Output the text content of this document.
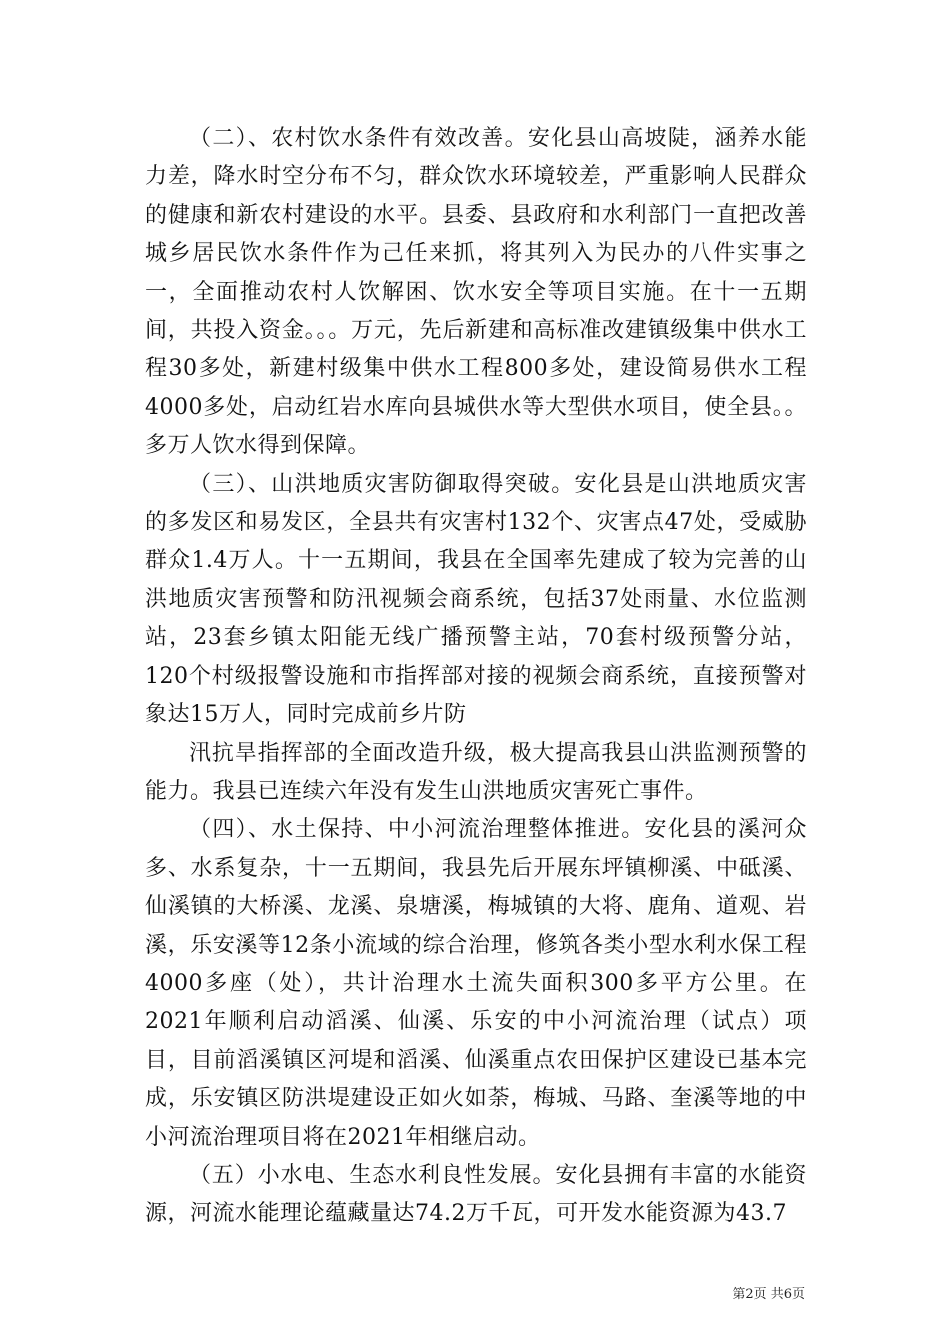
（二）、农村饮水条件有效改善。安化县山高坡陡，涵养水能力差，降水时空分布不匀，群众饮水环境较差，严重影响人民群众的健康和新农村建设的水平。县委、县政府和水利部门一直把改善城乡居民饮水条件作为己任来抓，将其列入为民办的八件实事之一，全面推动农村人饮解困、饮水安全等项目实施。在十一五期间，共投入资金。。。万元，先后新建和高标准改建镇级集中供水工程30多处，新建村级集中供水工程800多处，建设简易供水工程4000多处，启动红岩水库向县城供水等大型供水项目，使全县。。多万人饮水得到保障。

（三）、山洪地质灾害防御取得突破。安化县是山洪地质灾害的多发区和易发区，全县共有灾害村132个、灾害点47处，受威胁群众1.4万人。十一五期间，我县在全国率先建成了较为完善的山洪地质灾害预警和防汛视频会商系统，包括37处雨量、水位监测站，23套乡镇太阳能无线广播预警主站，70套村级预警分站，120个村级报警设施和市指挥部对接的视频会商系统，直接预警对象达15万人，同时完成前乡片防

汛抗旱指挥部的全面改造升级，极大提高我县山洪监测预警的能力。我县已连续六年没有发生山洪地质灾害死亡事件。

（四）、水土保持、中小河流治理整体推进。安化县的溪河众多、水系复杂，十一五期间，我县先后开展东坪镇柳溪、中砥溪、仙溪镇的大桥溪、龙溪、泉塘溪，梅城镇的大将、鹿角、道观、岩溪，乐安溪等12条小流域的综合治理，修筑各类小型水利水保工程4000多座（处），共计治理水土流失面积300多平方公里。在2021年顺利启动滔溪、仙溪、乐安的中小河流治理（试点）项目，目前滔溪镇区河堤和滔溪、仙溪重点农田保护区建设已基本完成，乐安镇区防洪堤建设正如火如荼，梅城、马路、奎溪等地的中小河流治理项目将在2021年相继启动。

（五）小水电、生态水利良性发展。安化县拥有丰富的水能资源，河流水能理论蕴藏量达74.2万千瓦，可开发水能资源为43.7

第2页 共6页
